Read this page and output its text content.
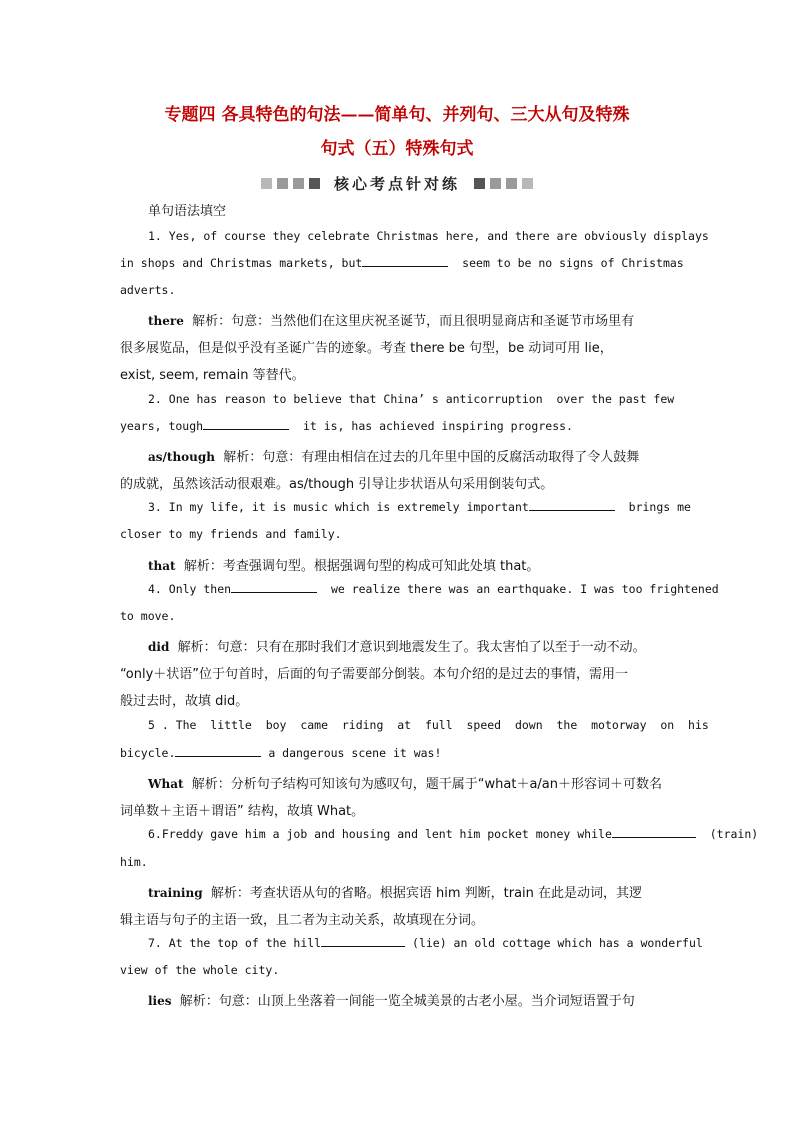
专题四 各具特色的句法——简单句、并列句、三大从句及特殊
句式（五）特殊句式
核心考点针对练
单句语法填空
1. Yes, of course they celebrate Christmas here, and there are obviously displays
in shops and Christmas markets, but	seem to be no signs of Christmas
adverts.
there  解析：句意：当然他们在这里庆祝圣诞节，而且很明显商店和圣诞节市场里有
很多展览品，但是似乎没有圣诞广告的迹象。考查 there be 句型，be 动词可用 lie，
exist, seem, remain 等替代。
2. One has reason to believe that China’ s anticorruption  over the past few
years, tough	it is, has achieved inspiring progress.
as/though  解析：句意：有理由相信在过去的几年里中国的反腐活动取得了令人鼓舞
的成就，虽然该活动很艰难。as/though 引导让步状语从句采用倒装句式。
3. In my life, it is music which is extremely important	brings me
closer to my friends and family.
that  解析：考查强调句型。根据强调句型的构成可知此处填 that。
4. Only then	we realize there was an earthquake. I was too frightened
to move.
did  解析：句意：只有在那时我们才意识到地震发生了。我太害怕了以至于一动不动。
“only＋状语”位于句首时，后面的句子需要部分倒装。本句介绍的是过去的事情，需用一
般过去时，故填 did。
5 . The  little  boy  came  riding  at  full  speed  down  the  motorway  on  his
bicycle.	a dangerous scene it was!
What  解析：分析句子结构可知该句为感叹句，题干属于“what＋a/an＋形容词＋可数名
词单数＋主语＋谓语” 结构，故填 What。
6.Freddy gave him a job and housing and lent him pocket money while	(train)
him.
training  解析：考查状语从句的省略。根据宾语 him 判断，train 在此是动词，其逻
辑主语与句子的主语一致，且二者为主动关系，故填现在分词。
7. At the top of the hill	(lie) an old cottage which has a wonderful
view of the whole city.
lies  解析：句意：山顶上坐落着一间能一览全城美景的古老小屋。当介词短语置于句
